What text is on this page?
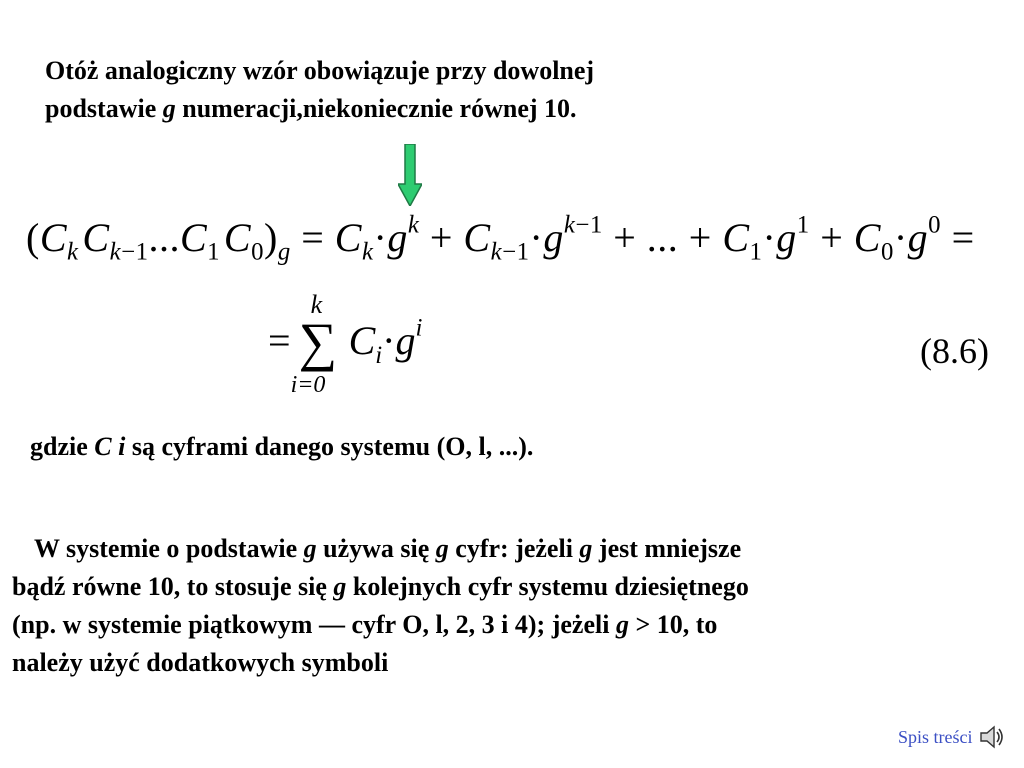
Otóż analogiczny wzór obowiązuje przy dowolnej
podstawie g numeracji,niekoniecznie równej 10.

($C_k$ $C_{k-1}...C_1$ $C_0)_g = C_k\cdot g^k + C_{k-1}\cdot g^{k-1}$ + ... + $C_1\cdot g^1 + C_0\cdot g^0$ =
=
k
∑
i=0
$C_i\cdot g^i$
(8.6)

gdzie C i są cyframi danego systemu (O, l, ...).

W systemie o podstawie g używa się g cyfr: jeżeli g jest mniejsze
bądź równe 10, to stosuje się g kolejnych cyfr systemu dziesiętnego
(np. w systemie piątkowym — cyfr O, l, 2, 3 i 4); jeżeli g > 10, to
należy użyć dodatkowych symboli

Spis treści
